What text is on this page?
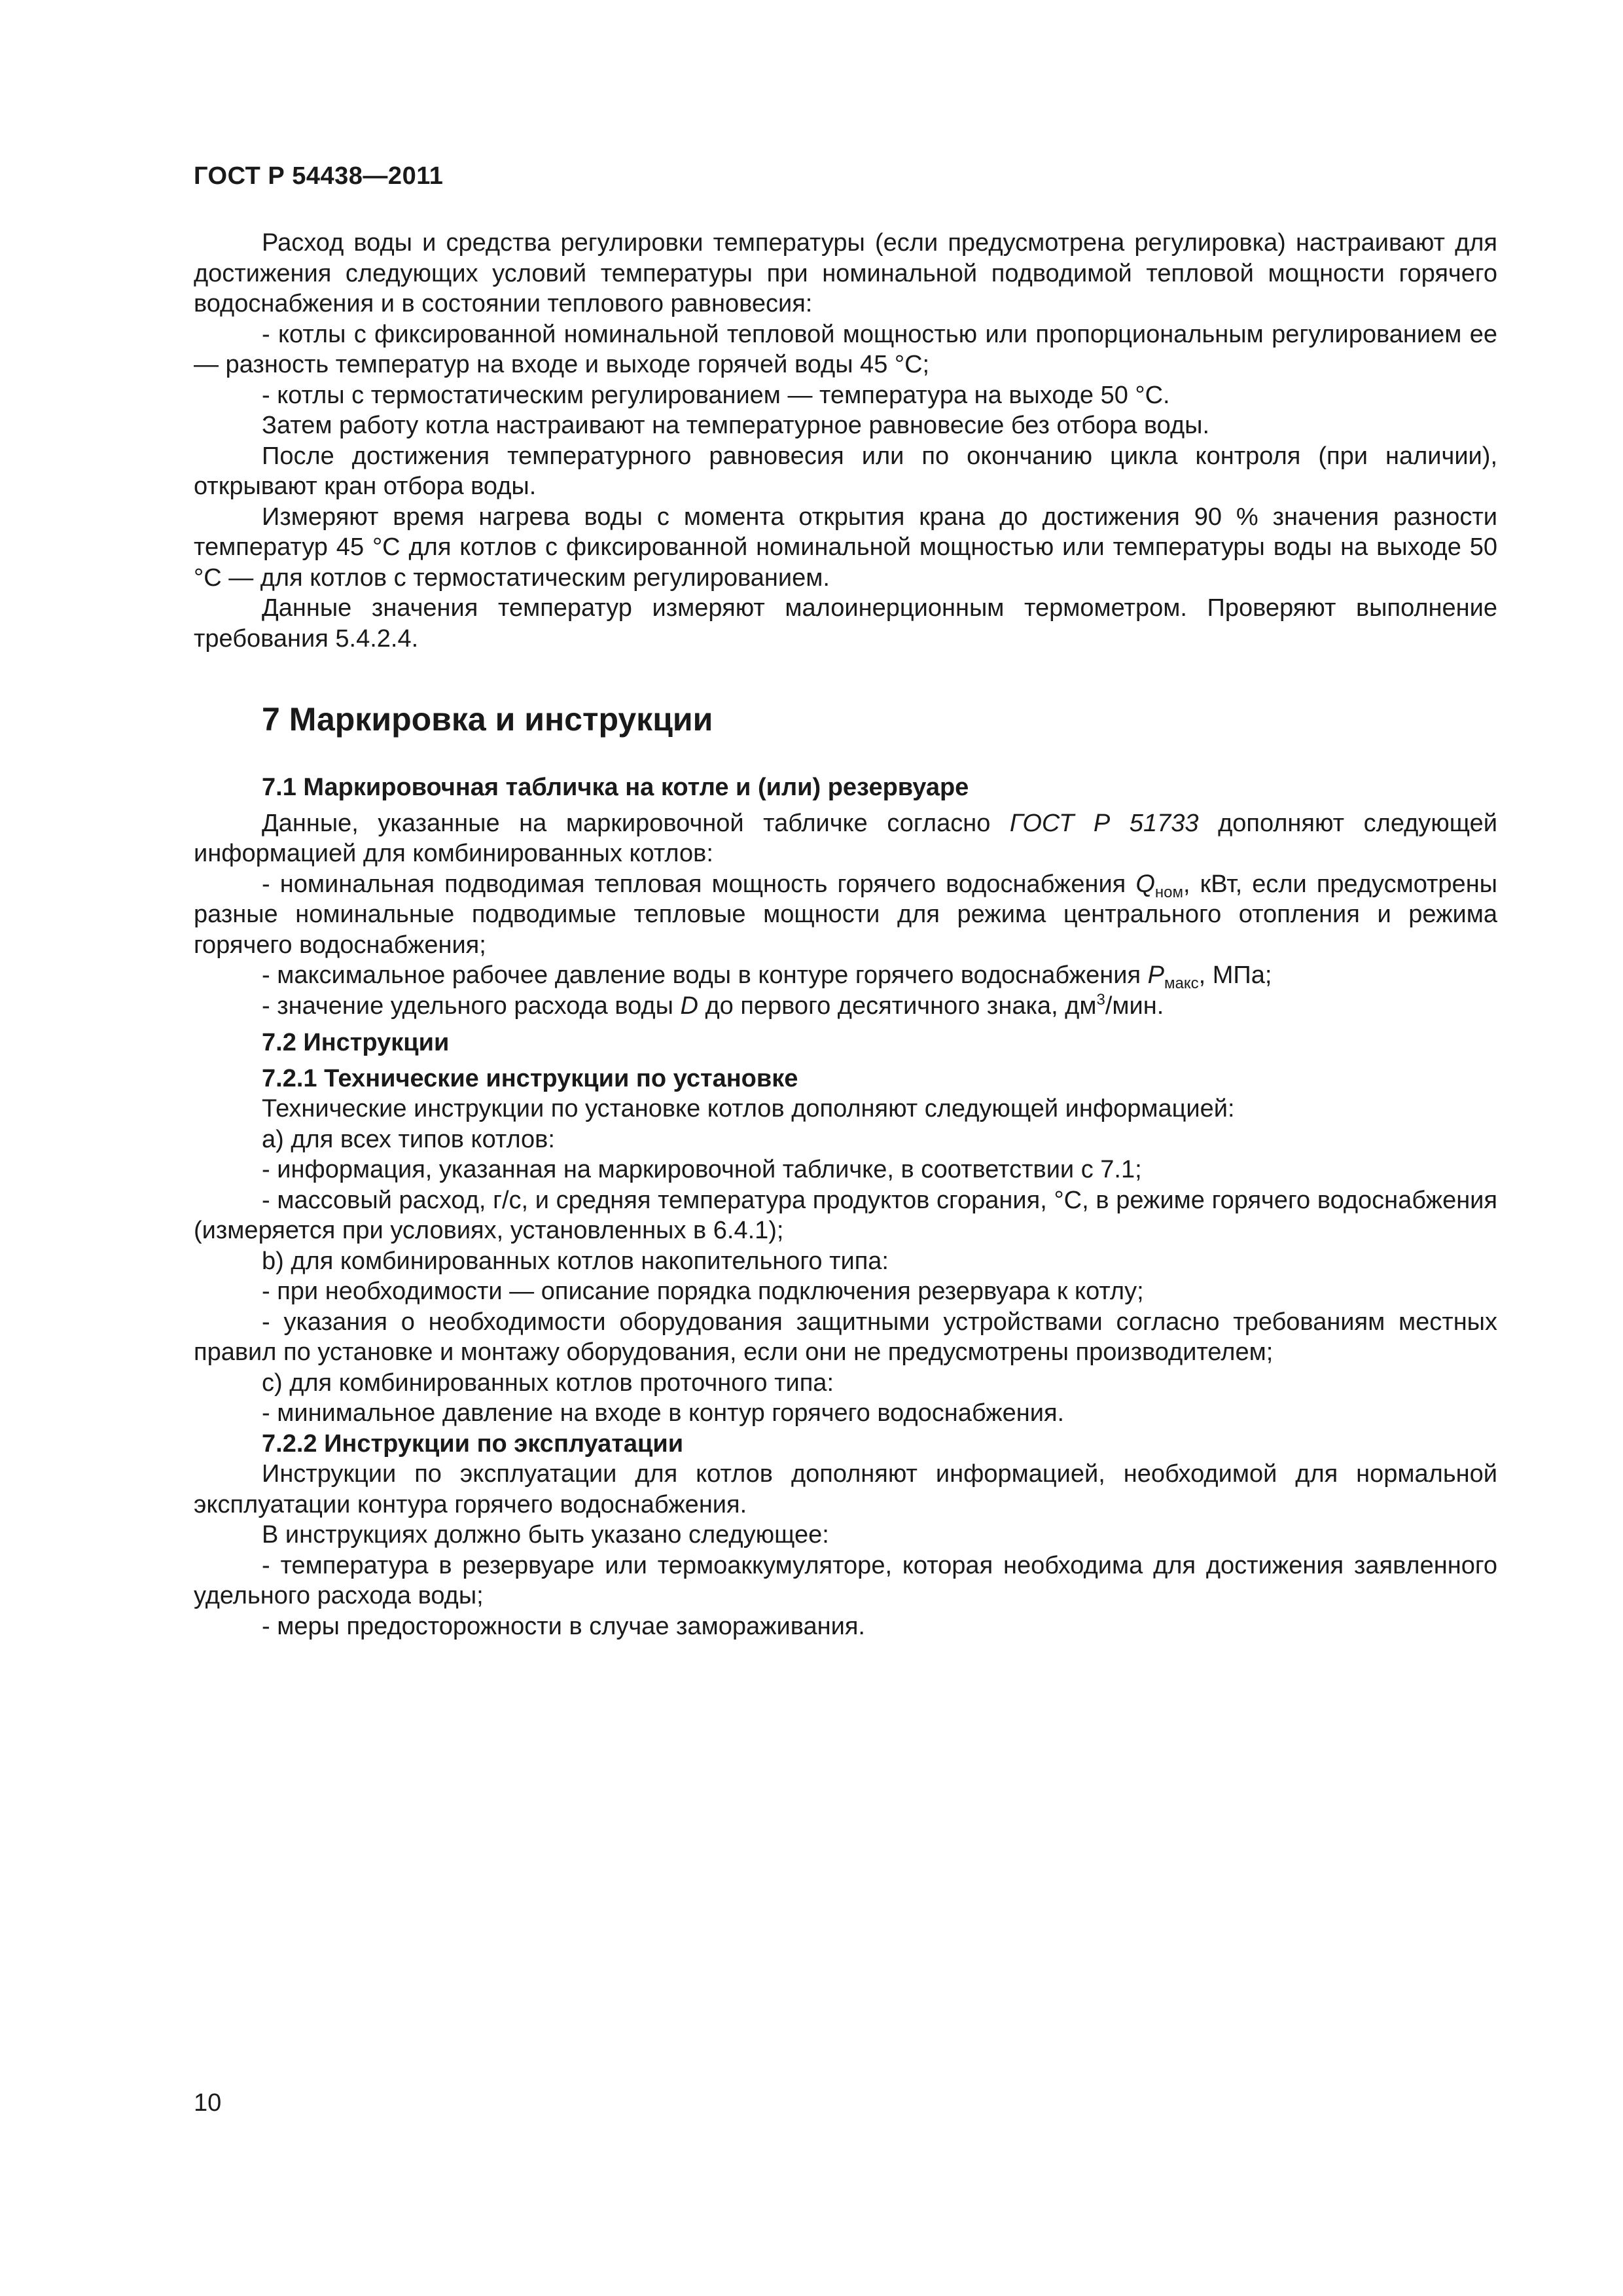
ГОСТ Р 54438—2011

Расход воды и средства регулировки температуры (если предусмотрена регулировка) настраивают для достижения следующих условий температуры при номинальной подводимой тепловой мощности горячего водоснабжения и в состоянии теплового равновесия:

- котлы с фиксированной номинальной тепловой мощностью или пропорциональным регулированием ее — разность температур на входе и выходе горячей воды 45 °С;

- котлы с термостатическим регулированием — температура на выходе 50 °С.

Затем работу котла настраивают на температурное равновесие без отбора воды.

После достижения температурного равновесия или по окончанию цикла контроля (при наличии), открывают кран отбора воды.

Измеряют время нагрева воды с момента открытия крана до достижения 90 % значения разности температур 45 °С для котлов с фиксированной номинальной мощностью или температуры воды на выходе 50 °С — для котлов с термостатическим регулированием.

Данные значения температур измеряют малоинерционным термометром. Проверяют выполнение требования 5.4.2.4.

7 Маркировка и инструкции

7.1 Маркировочная табличка на котле и (или) резервуаре

Данные, указанные на маркировочной табличке согласно ГОСТ Р 51733 дополняют следующей информацией для комбинированных котлов:

- номинальная подводимая тепловая мощность горячего водоснабжения $Q_{ном}$, кВт, если предусмотрены разные номинальные подводимые тепловые мощности для режима центрального отопления и режима горячего водоснабжения;

- максимальное рабочее давление воды в контуре горячего водоснабжения $P_{макс}$, МПа;

- значение удельного расхода воды D до первого десятичного знака, $дм^3$/мин.

7.2 Инструкции

7.2.1 Технические инструкции по установке

Технические инструкции по установке котлов дополняют следующей информацией:

а) для всех типов котлов:

- информация, указанная на маркировочной табличке, в соответствии с 7.1;

- массовый расход, г/с, и средняя температура продуктов сгорания, °С, в режиме горячего водоснабжения (измеряется при условиях, установленных в 6.4.1);

b) для комбинированных котлов накопительного типа:

- при необходимости — описание порядка подключения резервуара к котлу;

- указания о необходимости оборудования защитными устройствами согласно требованиям местных правил по установке и монтажу оборудования, если они не предусмотрены производителем;

с) для комбинированных котлов проточного типа:

- минимальное давление на входе в контур горячего водоснабжения.

7.2.2 Инструкции по эксплуатации

Инструкции по эксплуатации для котлов дополняют информацией, необходимой для нормальной эксплуатации контура горячего водоснабжения.

В инструкциях должно быть указано следующее:

- температура в резервуаре или термоаккумуляторе, которая необходима для достижения заявленного удельного расхода воды;

- меры предосторожности в случае замораживания.

10
